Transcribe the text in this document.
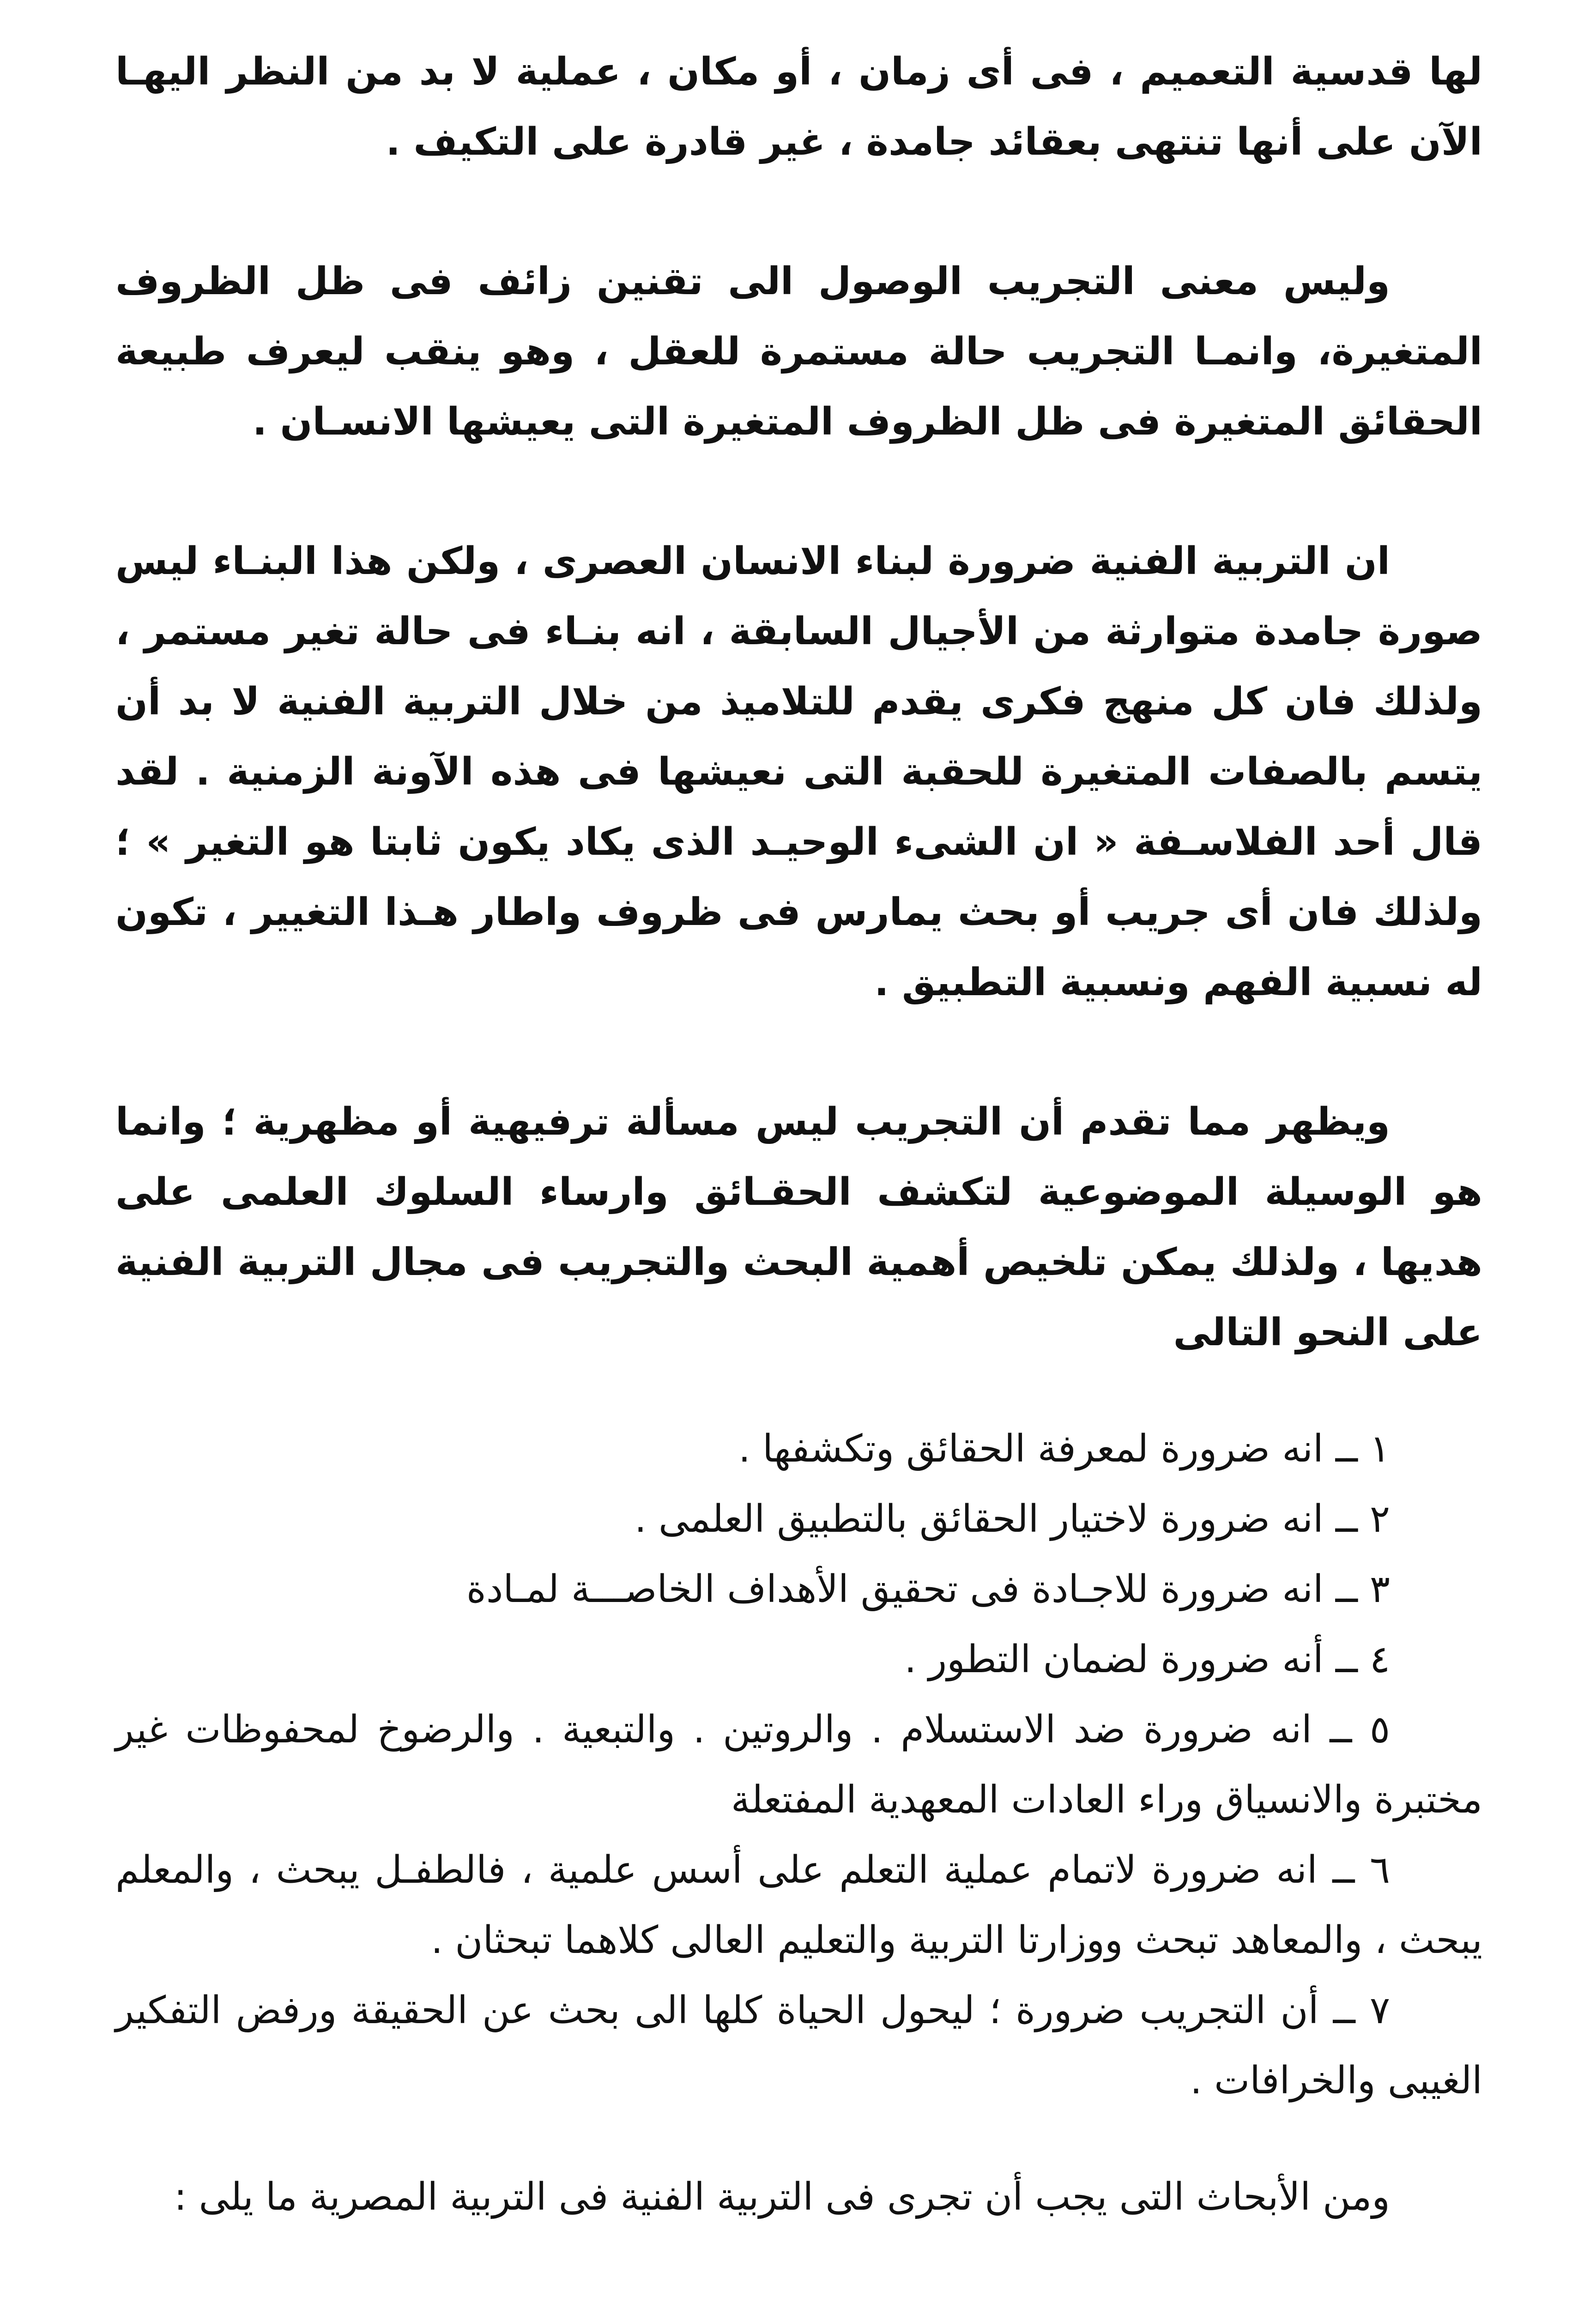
لها قدسية التعميم ، فى أى زمان ، أو مكان ، عملية لا بد من النظر اليهـا الآن على أنها تنتهى بعقائد جامدة ، غير قادرة على التكيف .

وليس معنى التجريب الوصول الى تقنين زائف فى ظل الظروف المتغيرة، وانمـا التجريب حالة مستمرة للعقل ، وهو ينقب ليعرف طبيعة الحقائق المتغيرة فى ظل الظروف المتغيرة التى يعيشها الانسـان .

ان التربية الفنية ضرورة لبناء الانسان العصرى ، ولكن هذا البنـاء ليس صورة جامدة متوارثة من الأجيال السابقة ، انه بنـاء فى حالة تغير مستمر ، ولذلك فان كل منهج فكرى يقدم للتلاميذ من خلال التربية الفنية لا بد أن يتسم بالصفات المتغيرة للحقبة التى نعيشها فى هذه الآونة الزمنية . لقد قال أحد الفلاسـفة « ان الشىء الوحيـد الذى يكاد يكون ثابتا هو التغير » ؛ ولذلك فان أى جريب أو بحث يمارس فى ظروف واطار هـذا التغيير ، تكون له نسبية الفهم ونسبية التطبيق .

ويظهر مما تقدم أن التجريب ليس مسألة ترفيهية أو مظهرية ؛ وانما هو الوسيلة الموضوعية لتكشف الحقـائق وارساء السلوك العلمى على هديها ، ولذلك يمكن تلخيص أهمية البحث والتجريب فى مجال التربية الفنية على النحو التالى

١ ــ انه ضرورة لمعرفة الحقائق وتكشفها .

٢ ــ انه ضرورة لاختيار الحقائق بالتطبيق العلمى .

٣ ــ انه ضرورة للاجـادة فى تحقيق الأهداف الخاصـــة لمـادة

٤ ــ أنه ضرورة لضمان التطور .

٥ ــ انه ضرورة ضد الاستسلام . والروتين . والتبعية . والرضوخ لمحفوظات غير مختبرة والانسياق وراء العادات المعهدية المفتعلة

٦ ــ انه ضرورة لاتمام عملية التعلم على أسس علمية ، فالطفـل يبحث ، والمعلم يبحث ، والمعاهد تبحث ووزارتا التربية والتعليم العالى كلاهما تبحثان .

٧ ــ أن التجريب ضرورة ؛ ليحول الحياة كلها الى بحث عن الحقيقة ورفض التفكير الغيبى والخرافات .

ومن الأبحاث التى يجب أن تجرى فى التربية الفنية فى التربية المصرية ما يلى :
